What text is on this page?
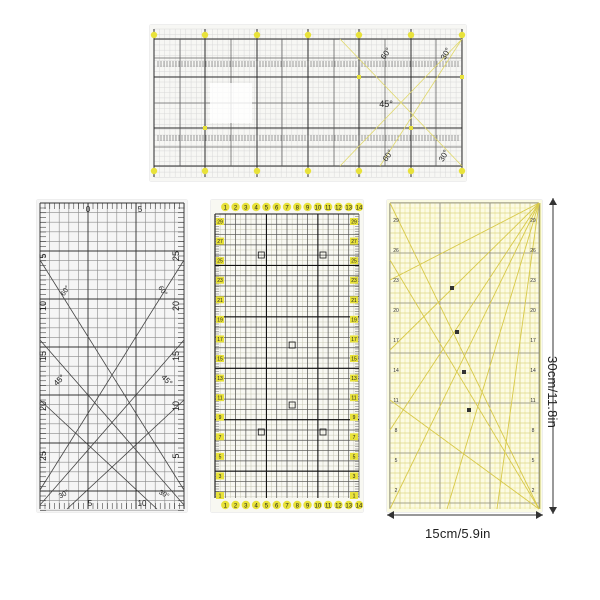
60°	30°
45°
60°	30°
5
10
15
20
25
25
20
15
10
5
0	5
5	10
60°	60°
45°	45°
30°	30°
1 2 3 4 5 6 7 8 9 10 11 12 13 14
1 2 3 4 5 6 7 8 9 10 11 12 13 14
29	29
27	27
25	25
23	23
21	21
19	19
17	17
15	15
13	13
11	11
9	9
7	7
5	5
3	3
1	1
29	29
26	26
23	23
20	20
17	17
14	14
11	11
8	8
5	5
2	2
15cm/5.9in
30cm/11.8in
